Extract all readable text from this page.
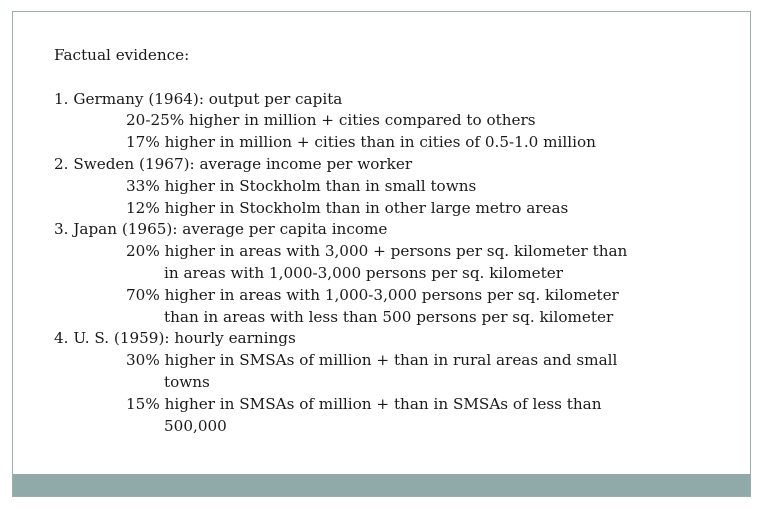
Factual evidence:
1. Germany (1964): output per capita
20-25% higher in million + cities compared to others
17% higher in million + cities than in cities of 0.5-1.0 million
2. Sweden (1967): average income per worker
33% higher in Stockholm than in small towns
12% higher in Stockholm than in other large metro areas
3. Japan (1965): average per capita income
20% higher in areas with 3,000 + persons per sq. kilometer than
in areas with 1,000-3,000 persons per sq. kilometer
70% higher in areas with 1,000-3,000 persons per sq. kilometer
than in areas with less than 500 persons per sq. kilometer
4. U. S. (1959): hourly earnings
30% higher in SMSAs of million + than in rural areas and small
towns
15% higher in SMSAs of million + than in SMSAs of less than
500,000
